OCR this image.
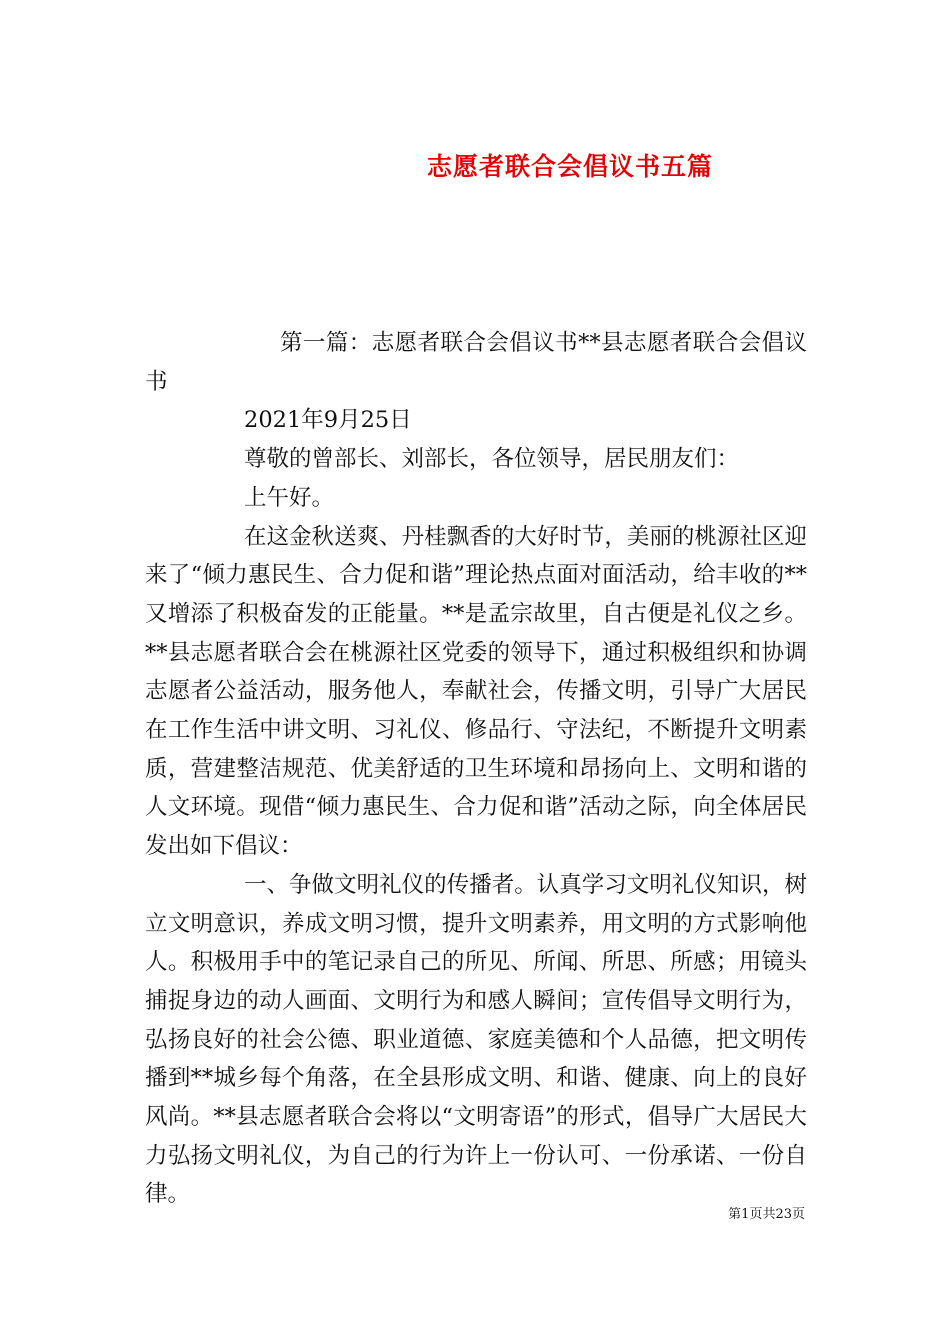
志愿者联合会倡议书五篇

第一篇：志愿者联合会倡议书**县志愿者联合会倡议书

2021年9月25日

尊敬的曾部长、刘部长，各位领导，居民朋友们：

上午好。

在这金秋送爽、丹桂飘香的大好时节，美丽的桃源社区迎来了“倾力惠民生、合力促和谐”理论热点面对面活动，给丰收的**又增添了积极奋发的正能量。**是孟宗故里，自古便是礼仪之乡。**县志愿者联合会在桃源社区党委的领导下，通过积极组织和协调志愿者公益活动，服务他人，奉献社会，传播文明，引导广大居民在工作生活中讲文明、习礼仪、修品行、守法纪，不断提升文明素质，营建整洁规范、优美舒适的卫生环境和昂扬向上、文明和谐的人文环境。现借“倾力惠民生、合力促和谐”活动之际，向全体居民发出如下倡议：

一、争做文明礼仪的传播者。认真学习文明礼仪知识，树立文明意识，养成文明习惯，提升文明素养，用文明的方式影响他人。积极用手中的笔记录自己的所见、所闻、所思、所感；用镜头捕捉身边的动人画面、文明行为和感人瞬间；宣传倡导文明行为，弘扬良好的社会公德、职业道德、家庭美德和个人品德，把文明传播到**城乡每个角落，在全县形成文明、和谐、健康、向上的良好风尚。**县志愿者联合会将以“文明寄语”的形式，倡导广大居民大力弘扬文明礼仪，为自己的行为许上一份认可、一份承诺、一份自律。

第1页共23页
